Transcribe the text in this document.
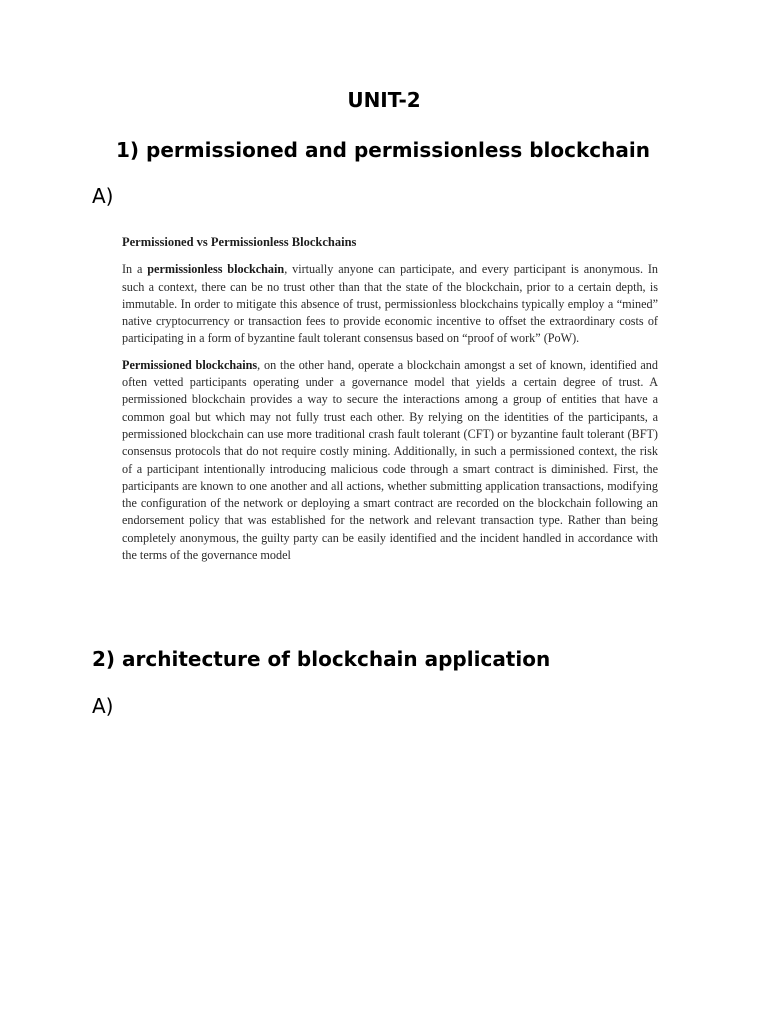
UNIT-2
1) permissioned and permissionless blockchain

A)

Permissioned vs Permissionless Blockchains

In a permissionless blockchain, virtually anyone can participate, and every participant is anonymous. In such a context, there can be no trust other than that the state of the blockchain, prior to a certain depth, is immutable. In order to mitigate this absence of trust, permissionless blockchains typically employ a “mined” native cryptocurrency or transaction fees to provide economic incentive to offset the extraordinary costs of participating in a form of byzantine fault tolerant consensus based on “proof of work” (PoW).

Permissioned blockchains, on the other hand, operate a blockchain amongst a set of known, identified and often vetted participants operating under a governance model that yields a certain degree of trust. A permissioned blockchain provides a way to secure the interactions among a group of entities that have a common goal but which may not fully trust each other. By relying on the identities of the participants, a permissioned blockchain can use more traditional crash fault tolerant (CFT) or byzantine fault tolerant (BFT) consensus protocols that do not require costly mining. Additionally, in such a permissioned context, the risk of a participant intentionally introducing malicious code through a smart contract is diminished. First, the participants are known to one another and all actions, whether submitting application transactions, modifying the configuration of the network or deploying a smart contract are recorded on the blockchain following an endorsement policy that was established for the network and relevant transaction type. Rather than being completely anonymous, the guilty party can be easily identified and the incident handled in accordance with the terms of the governance model

2) architecture of blockchain application

A)
